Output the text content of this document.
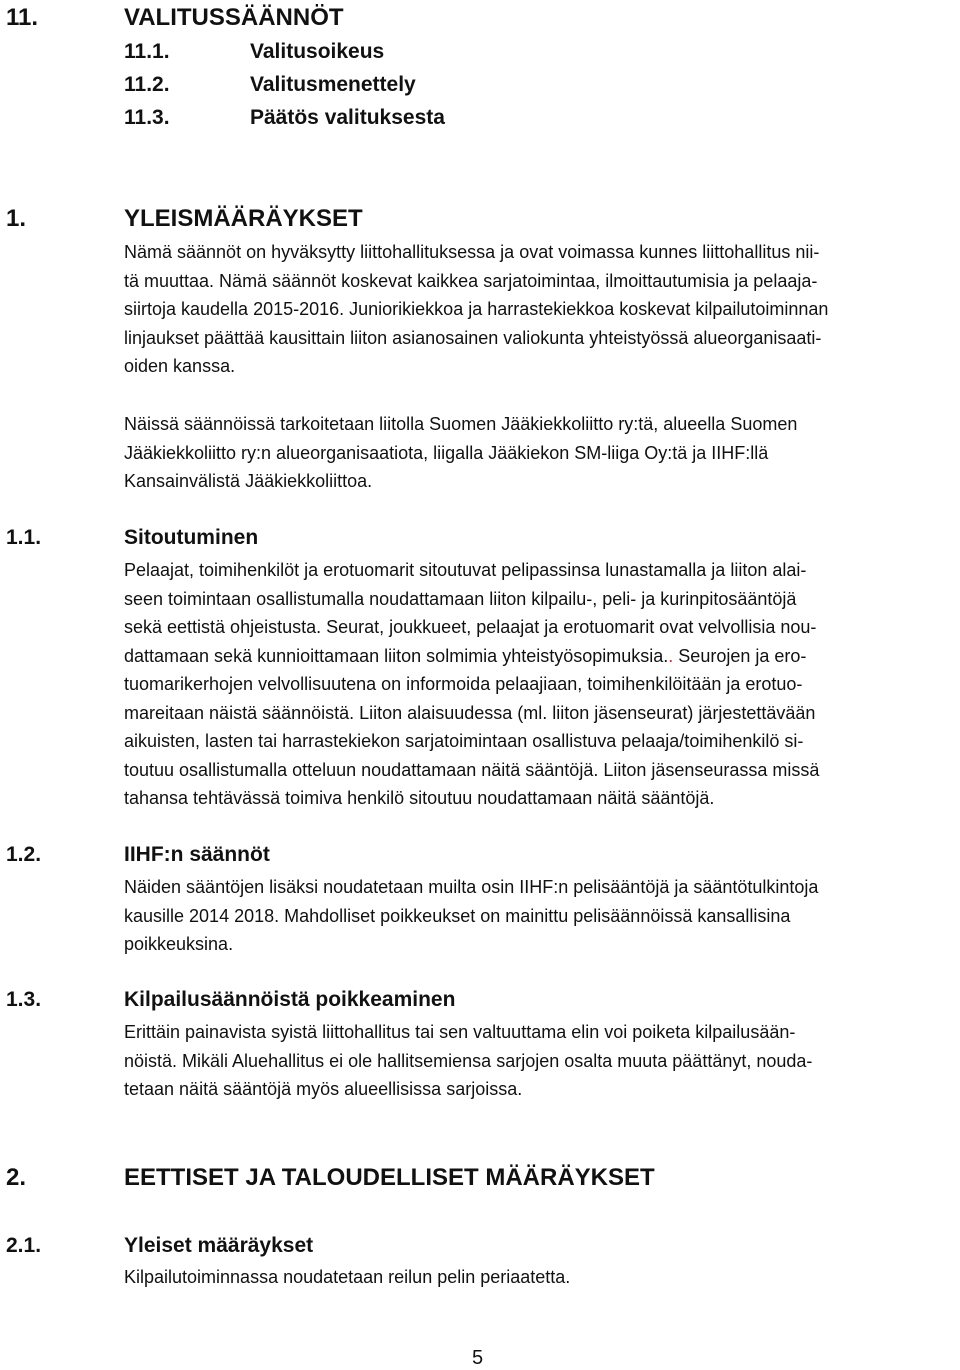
11.	VALITUSSÄÄNNÖT
11.1.	Valitusoikeus
11.2.	Valitusmenettely
11.3.	Päätös valituksesta
1.	YLEISMÄÄRÄYKSET
Nämä säännöt on hyväksytty liittohallituksessa ja ovat voimassa kunnes liittohallitus nii-
tä muuttaa. Nämä säännöt koskevat kaikkea sarjatoimintaa, ilmoittautumisia ja pelaaja-
siirtoja kaudella 2015-2016. Juniorikiekkoa ja harrastekiekkoa koskevat kilpailutoiminnan
linjaukset päättää kausittain liiton asianosainen valiokunta yhteistyössä alueorganisaati-
oiden kanssa.
Näissä säännöissä tarkoitetaan liitolla Suomen Jääkiekkoliitto ry:tä, alueella Suomen
Jääkiekkoliitto ry:n alueorganisaatiota, liigalla Jääkiekon SM-liiga Oy:tä ja IIHF:llä
Kansainvälistä Jääkiekkoliittoa.
1.1.	Sitoutuminen
Pelaajat, toimihenkilöt ja erotuomarit sitoutuvat pelipassinsa lunastamalla ja liiton alai-
seen toimintaan osallistumalla noudattamaan liiton kilpailu-, peli- ja kurinpitosääntöjä
sekä eettistä ohjeistusta. Seurat, joukkueet, pelaajat ja erotuomarit ovat velvollisia nou-
dattamaan sekä kunnioittamaan liiton solmimia yhteistyösopimuksia.. Seurojen ja ero-
tuomarikerhojen velvollisuutena on informoida pelaajiaan, toimihenkilöitään ja erotuo-
mareitaan näistä säännöistä. Liiton alaisuudessa (ml. liiton jäsenseurat) järjestettävään
aikuisten, lasten tai harrastekiekon sarjatoimintaan osallistuva pelaaja/toimihenkilö si-
toutuu osallistumalla otteluun noudattamaan näitä sääntöjä. Liiton jäsenseurassa missä
tahansa tehtävässä toimiva henkilö sitoutuu noudattamaan näitä sääntöjä.
1.2.	IIHF:n säännöt
Näiden sääntöjen lisäksi noudatetaan muilta osin IIHF:n pelisääntöjä ja sääntötulkintoja
kausille 2014 2018. Mahdolliset poikkeukset on mainittu pelisäännöissä kansallisina
poikkeuksina.
1.3.	Kilpailusäännöistä poikkeaminen
Erittäin painavista syistä liittohallitus tai sen valtuuttama elin voi poiketa kilpailusään-
nöistä. Mikäli Aluehallitus ei ole hallitsemiensa sarjojen osalta muuta päättänyt, nouda-
tetaan näitä sääntöjä myös alueellisissa sarjoissa.
2.	EETTISET JA TALOUDELLISET MÄÄRÄYKSET
2.1.	Yleiset määräykset
Kilpailutoiminnassa noudatetaan reilun pelin periaatetta.
5
